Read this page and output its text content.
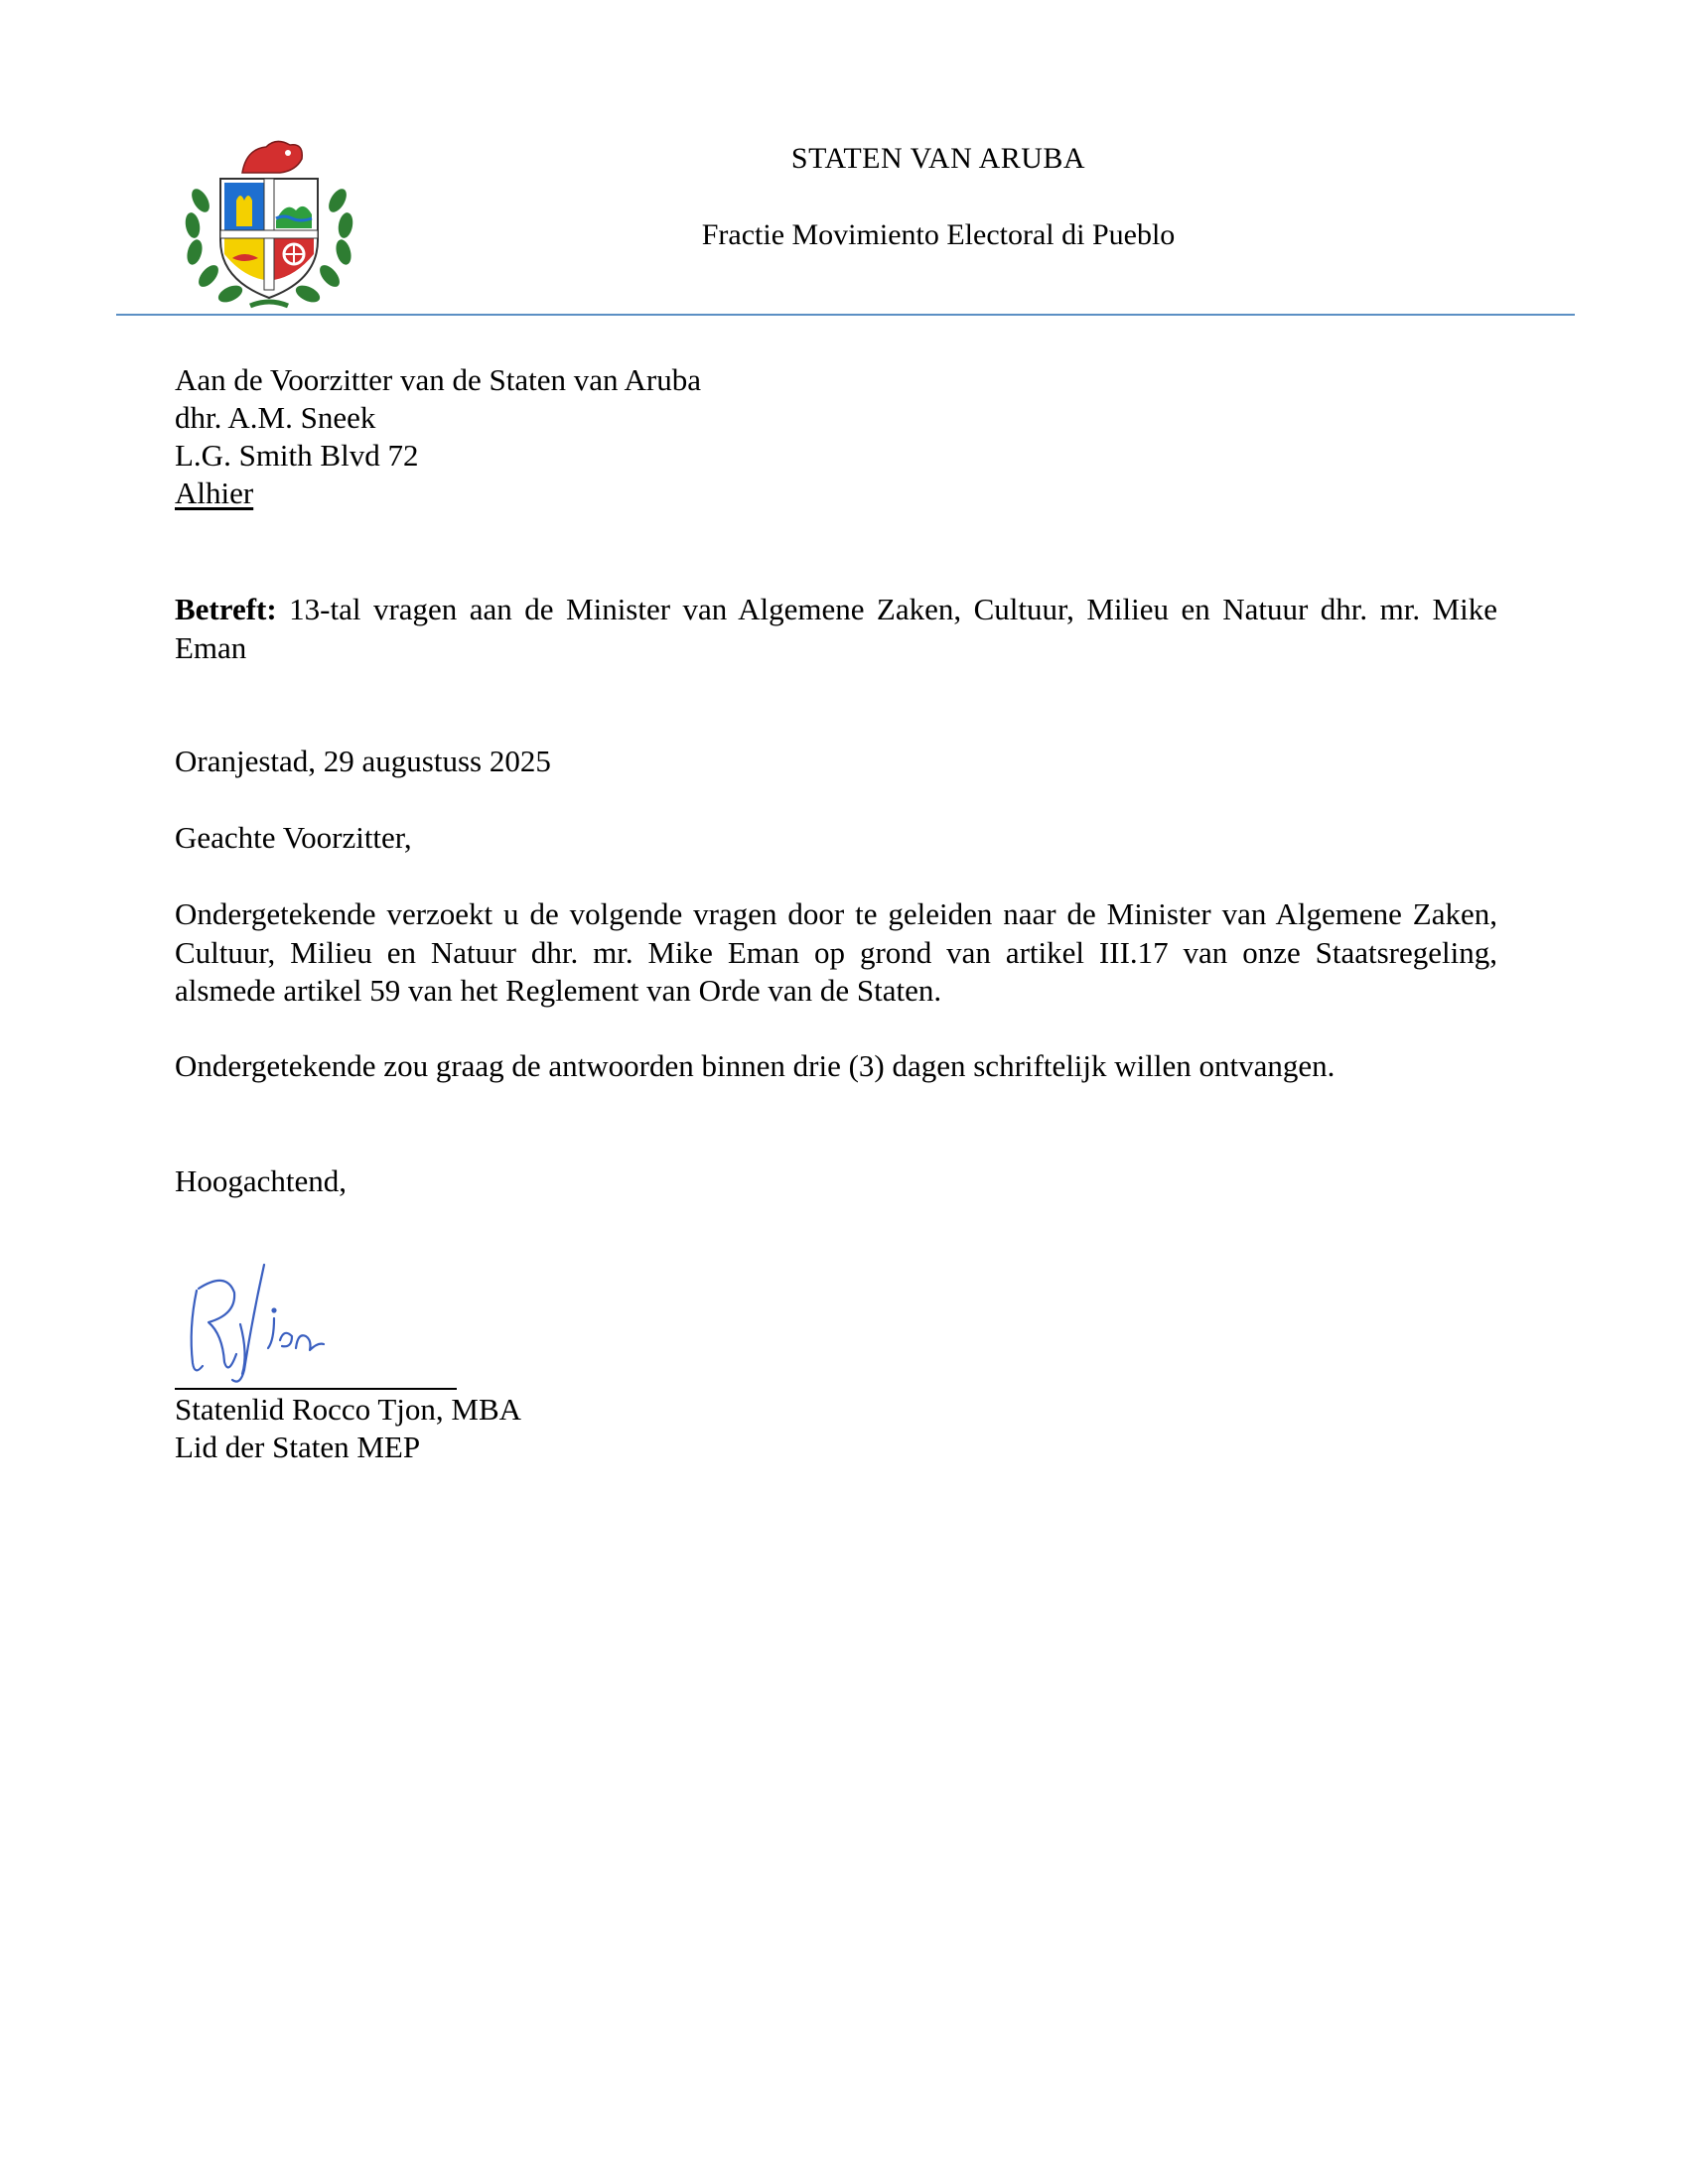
STATEN VAN ARUBA
Fractie Movimiento Electoral di Pueblo
Aan de Voorzitter van de Staten van Aruba
dhr. A.M. Sneek
L.G. Smith Blvd 72
Alhier
Betreft: 13-tal vragen aan de Minister van Algemene Zaken, Cultuur, Milieu en Natuur dhr. mr. Mike Eman
Oranjestad, 29 augustuss 2025
Geachte Voorzitter,
Ondergetekende verzoekt u de volgende vragen door te geleiden naar de Minister van Algemene Zaken, Cultuur, Milieu en Natuur dhr. mr. Mike Eman op grond van artikel III.17 van onze Staatsregeling, alsmede artikel 59 van het Reglement van Orde van de Staten.
Ondergetekende zou graag de antwoorden binnen drie (3) dagen schriftelijk willen ontvangen.
Hoogachtend,
Statenlid Rocco Tjon, MBA
Lid der Staten MEP
